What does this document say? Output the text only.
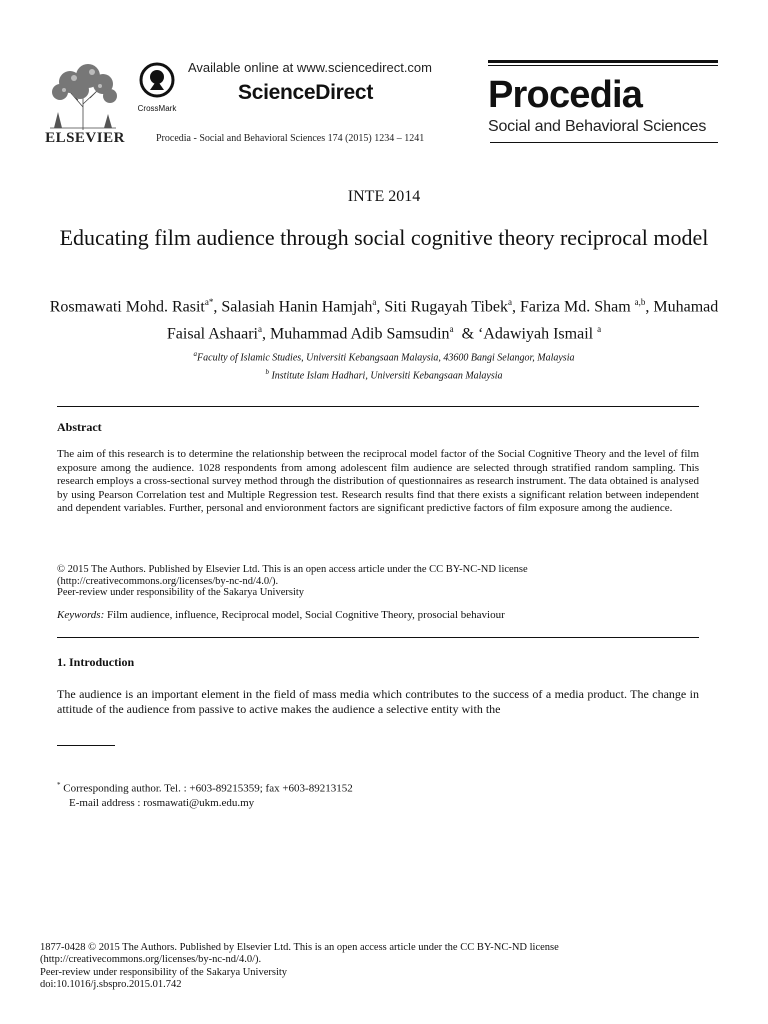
ELSEVIER
CrossMark
Available online at www.sciencedirect.com
ScienceDirect
Procedia - Social and Behavioral Sciences 174 (2015) 1234 – 1241
Procedia
Social and Behavioral Sciences
INTE 2014
Educating film audience through social cognitive theory reciprocal model
Rosmawati Mohd. Rasit$^{a*}$, Salasiah Hanin Hamjah$^a$, Siti Rugayah Tibek$^a$, Fariza Md. Sham $^{a,b}$, Muhamad Faisal Ashaari$^a$, Muhammad Adib Samsudin$^a$  & ‘Adawiyah Ismail $^a$
$^a$Faculty of Islamic Studies, Universiti Kebangsaan Malaysia, 43600 Bangi Selangor, Malaysia
$^b$ Institute Islam Hadhari, Universiti Kebangsaan Malaysia
Abstract
The aim of this research is to determine the relationship between the reciprocal model factor of the Social Cognitive Theory and the level of film exposure among the audience. 1028 respondents from among adolescent film audience are selected through stratified random sampling. This research employs a cross-sectional survey method through the distribution of questionnaires as research instrument. The data obtained is analysed by using Pearson Correlation test and Multiple Regression test. Research results find that there exists a significant relation between independent and dependent variables. Further, personal and envioronment factors are significant predictive factors of film exposure among the audience.
© 2015 The Authors. Published by Elsevier Ltd. This is an open access article under the CC BY-NC-ND license
(http://creativecommons.org/licenses/by-nc-nd/4.0/).
Peer-review under responsibility of the Sakarya University
Keywords: Film audience, influence, Reciprocal model, Social Cognitive Theory, prosocial behaviour
1. Introduction
The audience is an important element in the field of mass media which contributes to the success of a media product. The change in attitude of the audience from passive to active makes the audience a selective entity with the
* Corresponding author. Tel. : +603-89215359; fax +603-89213152
E-mail address : rosmawati@ukm.edu.my
1877-0428 © 2015 The Authors. Published by Elsevier Ltd. This is an open access article under the CC BY-NC-ND license
(http://creativecommons.org/licenses/by-nc-nd/4.0/).
Peer-review under responsibility of the Sakarya University
doi:10.1016/j.sbspro.2015.01.742
